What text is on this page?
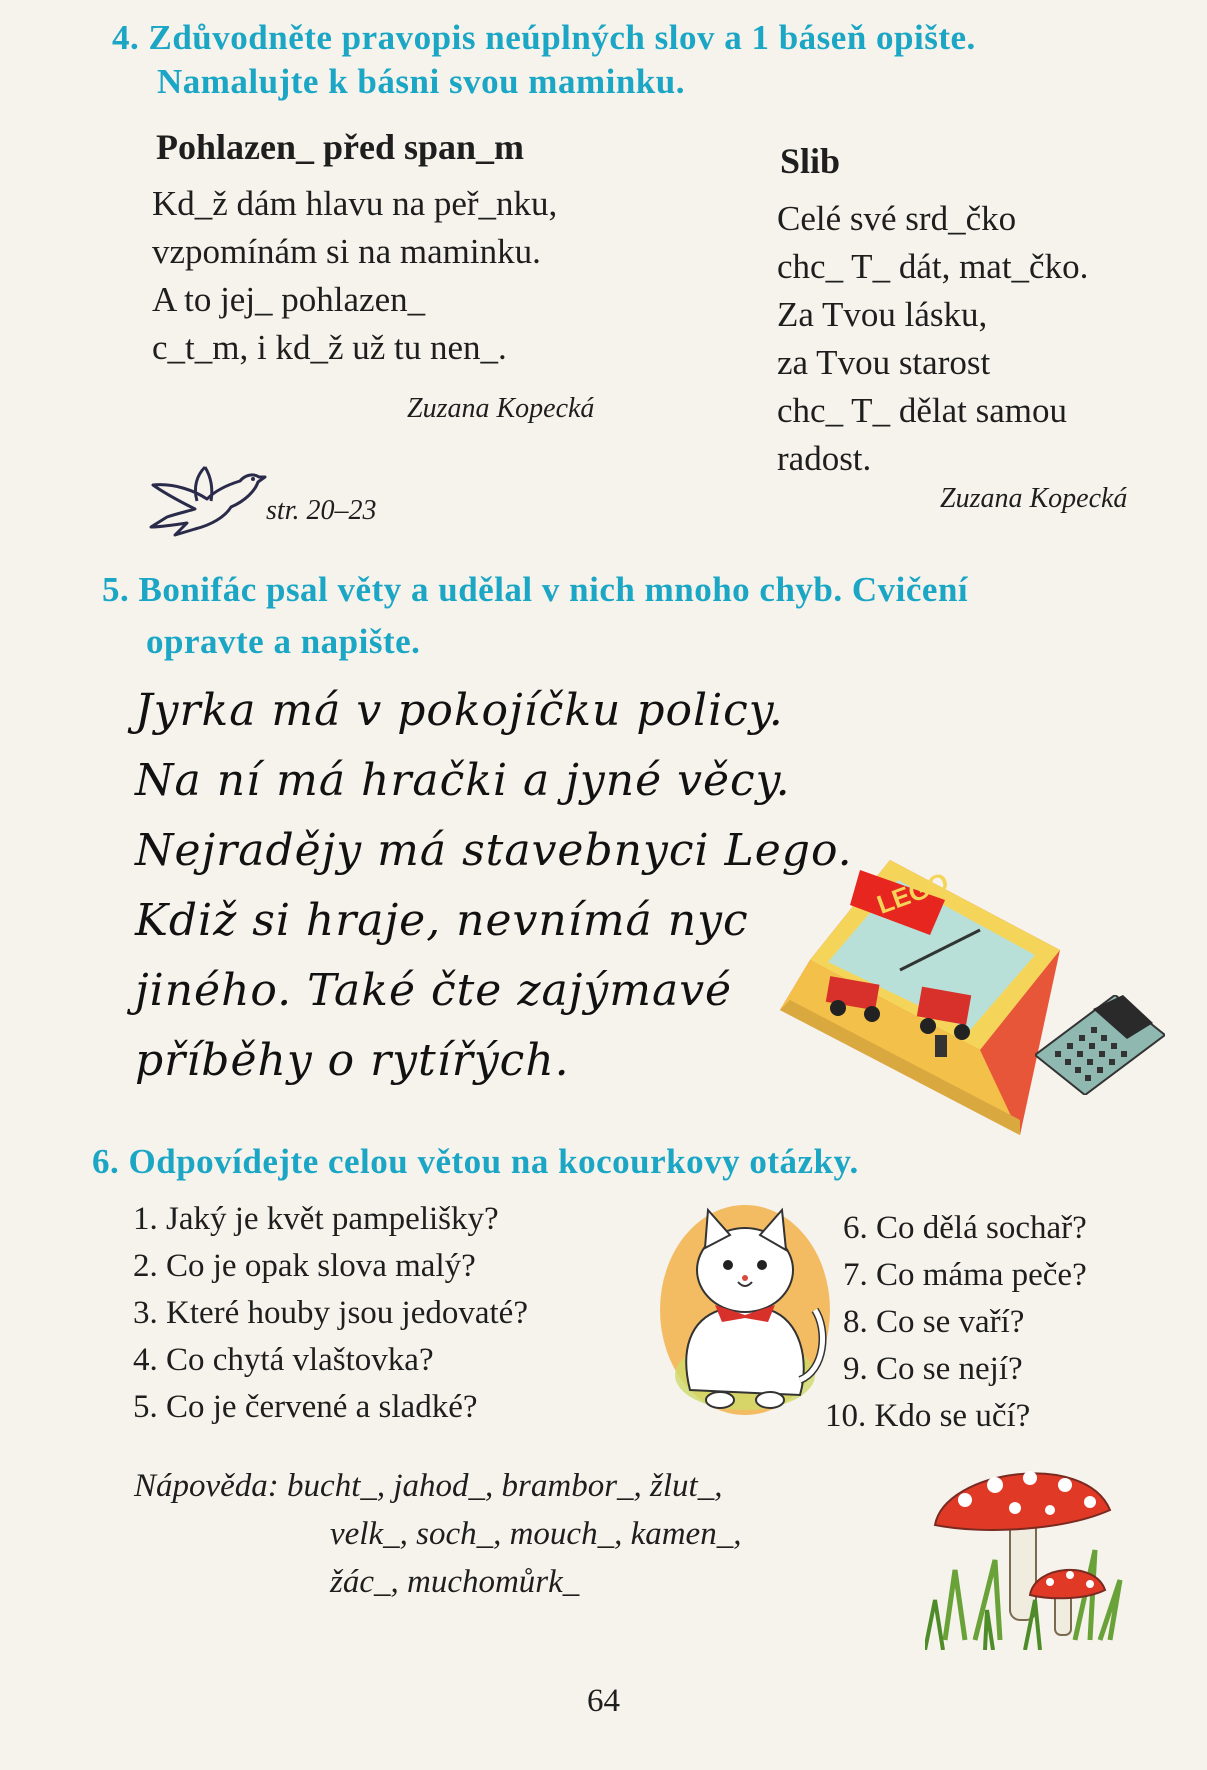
4. Zdůvodněte pravopis neúplných slov a 1 báseň opište.
Namalujte k básni svou maminku.
Pohlazen_ před span_m
Kd_ž dám hlavu na peř_nku,
vzpomínám si na maminku.
A to jej_ pohlazen_
c_t_m, i kd_ž už tu nen_.
Zuzana Kopecká
Slib
Celé své srd_čko
chc_ T_ dát, mat_čko.
Za Tvou lásku,
za Tvou starost
chc_ T_ dělat samou
radost.
Zuzana Kopecká
str. 20–23
5. Bonifác psal věty a udělal v nich mnoho chyb. Cvičení
opravte a napište.
Jyrka má v pokojíčku policy.
Na ní má hrački a jyné věcy.
Nejradějy má stavebnyci Lego.
Kdiž si hraje, nevnímá nyc
jiného. Také čte zajýmavé
příběhy o rytířých.
LEGO
6. Odpovídejte celou větou na kocourkovy otázky.
1. Jaký je květ pampelišky?
2. Co je opak slova malý?
3. Které houby jsou jedovaté?
4. Co chytá vlaštovka?
5. Co je červené a sladké?
6. Co dělá sochař?
7. Co máma peče?
8. Co se vaří?
9. Co se nejí?
10. Kdo se učí?
Nápověda: bucht_, jahod_, brambor_, žlut_,
velk_, soch_, mouch_, kamen_,
žác_, muchomůrk_
64
